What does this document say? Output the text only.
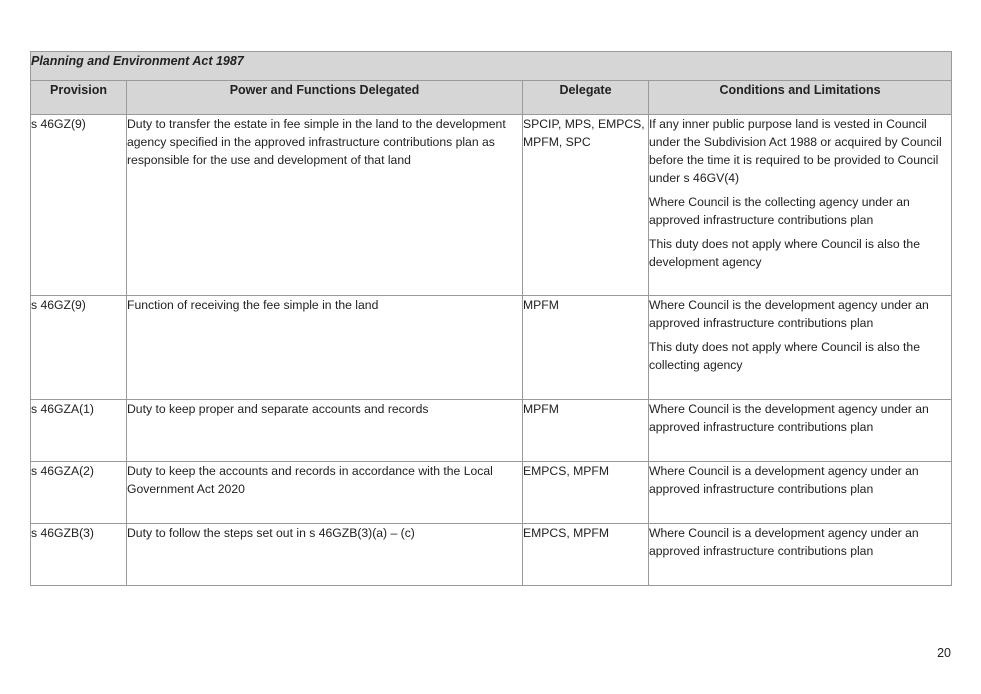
Planning and Environment Act 1987			
Provision	Power and Functions Delegated	Delegate	Conditions and Limitations

s 46GZ(9)	Duty to transfer the estate in fee simple in the land to the development agency specified in the approved infrastructure contributions plan as responsible for the use and development of that land	SPCIP, MPS, EMPCS, MPFM, SPC	If any inner public purpose land is vested in Council under the Subdivision Act 1988 or acquired by Council before the time it is required to be provided to Council under s 46GV(4)
Where Council is the collecting agency under an approved infrastructure contributions plan
This duty does not apply where Council is also the development agency

s 46GZ(9)	Function of receiving the fee simple in the land	MPFM	Where Council is the development agency under an approved infrastructure contributions plan
This duty does not apply where Council is also the collecting agency

s 46GZA(1)	Duty to keep proper and separate accounts and records	MPFM	Where Council is the development agency under an approved infrastructure contributions plan

s 46GZA(2)	Duty to keep the accounts and records in accordance with the Local Government Act 2020	EMPCS, MPFM	Where Council is a development agency under an approved infrastructure contributions plan

s 46GZB(3)	Duty to follow the steps set out in s 46GZB(3)(a) – (c)	EMPCS, MPFM	Where Council is a development agency under an approved infrastructure contributions plan
20
